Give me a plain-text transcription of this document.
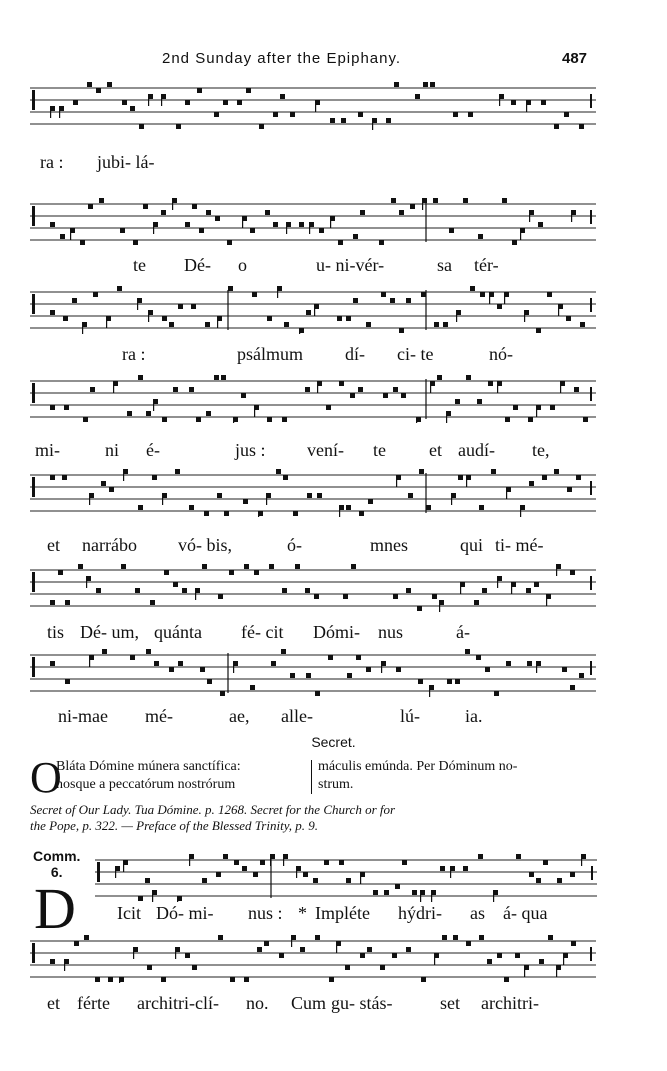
2nd Sunday after the Epiphany.	487
ra : jubi- lá-
te Dé- o	u- ni-vér-	sa tér-
ra :	psálmum dí- ci- te	nó-
mi-	ni é-	jus : vení- te et audí- te,
et narrábo vó- bis,	ó-	mnes	qui ti- mé-
tis Dé- um, quánta fé- cit Dómi- nus	á-
ni-mae mé-	ae, alle-	lú-	ia.
Secret.
O
Bláta Dómine múnera sanctífica:
nosque a peccatórum nostrórum
máculis emúnda. Per Dóminum no-
strum.
Secret of Our Lady. Tua Dómine. p. 1268. Secret for the Church or for
the Pope, p. 322. — Preface of the Blessed Trinity, p. 9.
Comm.
6.
D Icit Dó- mi- nus : * Impléte hýdri- as á- qua
et férte architri-clí- no. Cum gu- stás-	set architri-
